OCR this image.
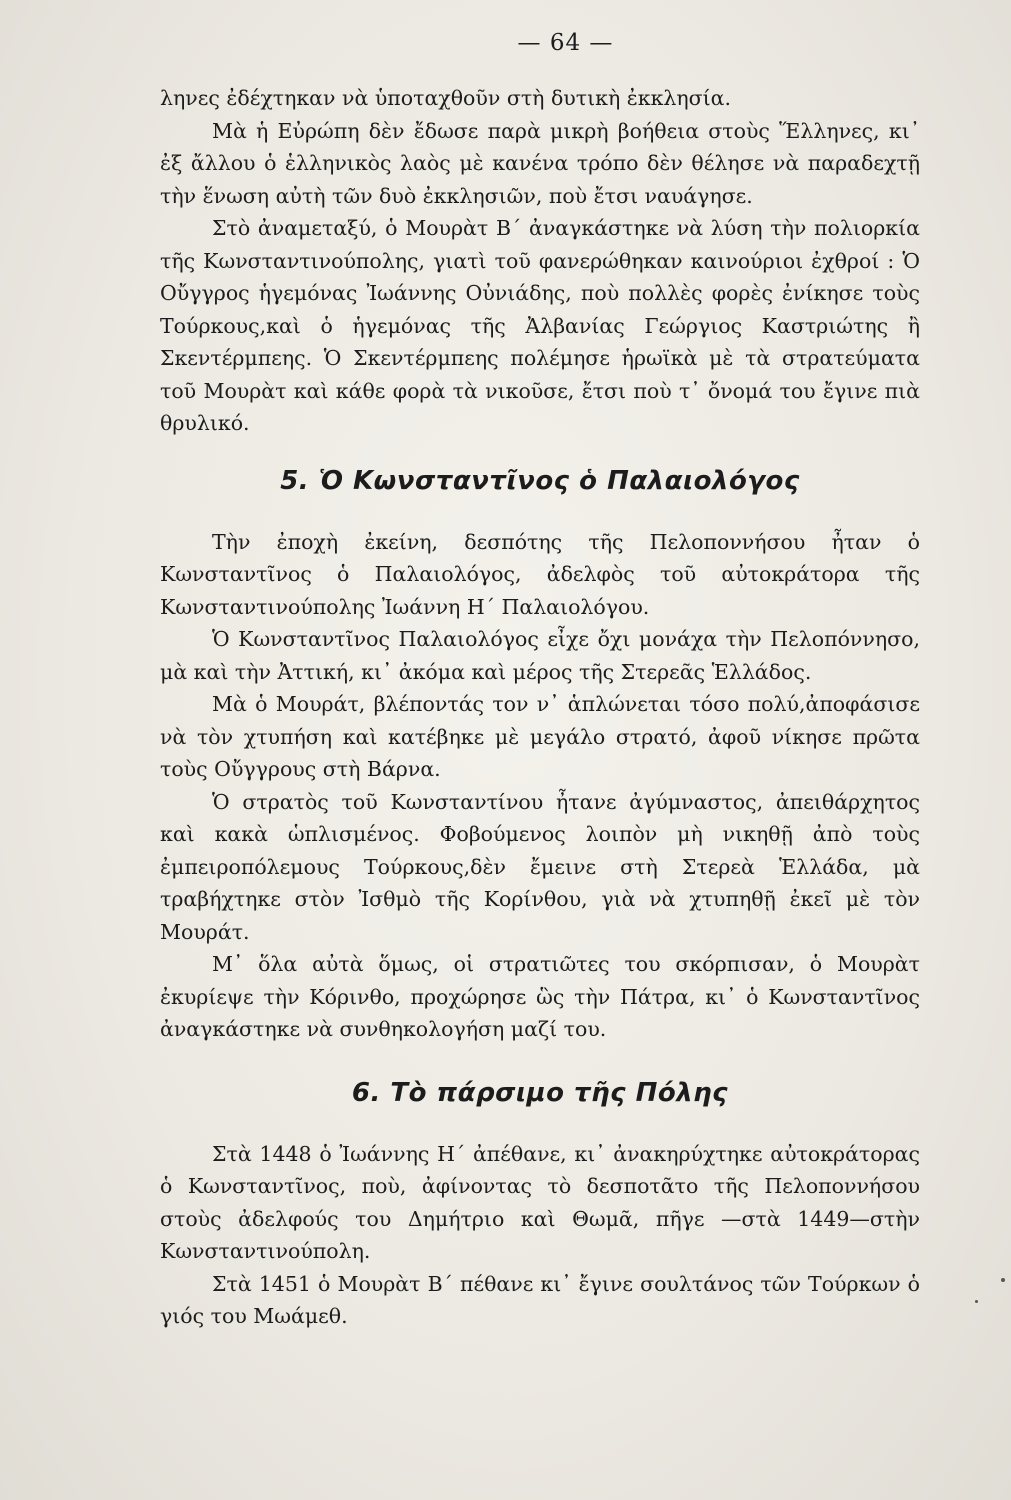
— 64 —

ληνες ἐδέχτηκαν νὰ ὑποταχθοῦν στὴ δυτικὴ ἐκκλησία.

Μὰ ἡ Εὐρώπη δὲν ἔδωσε παρὰ μικρὴ βοήθεια στοὺς Ἕλληνες, κι᾿ ἐξ ἄλλου ὁ ἑλληνικὸς λαὸς μὲ κανένα τρόπο δὲν θέλησε νὰ παραδεχτῇ τὴν ἕνωση αὐτὴ τῶν δυὸ ἐκκλησιῶν, ποὺ ἔτσι ναυάγησε.

Στὸ ἀναμεταξύ, ὁ Μουρὰτ Β΄ ἀναγκάστηκε νὰ λύση τὴν πολιορκία τῆς Κωνσταντινούπολης, γιατὶ τοῦ φανερώθηκαν καινούριοι ἐχθροί : Ὁ Οὔγγρος ἡγεμόνας Ἰωάννης Οὐνιάδης, ποὺ πολλὲς φορὲς ἐνίκησε τοὺς Τούρκους,καὶ ὁ ἡγεμόνας τῆς Ἀλβανίας Γεώργιος Καστριώτης ἢ Σκεντέρμπεης. Ὁ Σκεντέρμπεης πολέμησε ἡρωϊκὰ μὲ τὰ στρατεύματα τοῦ Μουρὰτ καὶ κάθε φορὰ τὰ νικοῦσε, ἔτσι ποὺ τ᾿ ὄνομά του ἔγινε πιὰ θρυλικό.

5. Ὁ Κωνσταντῖνος ὁ Παλαιολόγος

Τὴν ἐποχὴ ἐκείνη, δεσπότης τῆς Πελοποννήσου ἦταν ὁ Κωνσταντῖνος ὁ Παλαιολόγος, ἀδελφὸς τοῦ αὐτοκράτορα τῆς Κωνσταντινούπολης Ἰωάννη Η΄ Παλαιολόγου.

Ὁ Κωνσταντῖνος Παλαιολόγος εἶχε ὄχι μονάχα τὴν Πελοπόννησο, μὰ καὶ τὴν Ἀττική, κι᾿ ἀκόμα καὶ μέρος τῆς Στερεᾶς Ἑλλάδος.

Μὰ ὁ Μουράτ, βλέποντάς τον ν᾿ ἁπλώνεται τόσο πολύ,ἀποφάσισε νὰ τὸν χτυπήση καὶ κατέβηκε μὲ μεγάλο στρατό, ἀφοῦ νίκησε πρῶτα τοὺς Οὔγγρους στὴ Βάρνα.

Ὁ στρατὸς τοῦ Κωνσταντίνου ἦτανε ἀγύμναστος, ἀπειθάρχητος καὶ κακὰ ὡπλισμένος. Φοβούμενος λοιπὸν μὴ νικηθῇ ἀπὸ τοὺς ἐμπειροπόλεμους Τούρκους,δὲν ἔμεινε στὴ Στερεὰ Ἑλλάδα, μὰ τραβήχτηκε στὸν Ἰσθμὸ τῆς Κορίνθου, γιὰ νὰ χτυπηθῇ ἐκεῖ μὲ τὸν Μουράτ.

Μ᾿ ὅλα αὐτὰ ὅμως, οἱ στρατιῶτες του σκόρπισαν, ὁ Μουρὰτ ἐκυρίεψε τὴν Κόρινθο, προχώρησε ὣς τὴν Πάτρα, κι᾿ ὁ Κωνσταντῖνος ἀναγκάστηκε νὰ συνθηκολογήση μαζί του.

6. Τὸ πάρσιμο τῆς Πόλης

Στὰ 1448 ὁ Ἰωάννης Η΄ ἀπέθανε, κι᾿ ἀνακηρύχτηκε αὐτοκράτορας ὁ Κωνσταντῖνος, ποὺ, ἀφίνοντας τὸ δεσποτᾶτο τῆς Πελοποννήσου στοὺς ἀδελφούς του Δημήτριο καὶ Θωμᾶ, πῆγε —στὰ 1449—στὴν Κωνσταντινούπολη.

Στὰ 1451 ὁ Μουρὰτ Β΄ πέθανε κι᾿ ἔγινε σουλτάνος τῶν Τούρκων ὁ γιός του Μωάμεθ.
